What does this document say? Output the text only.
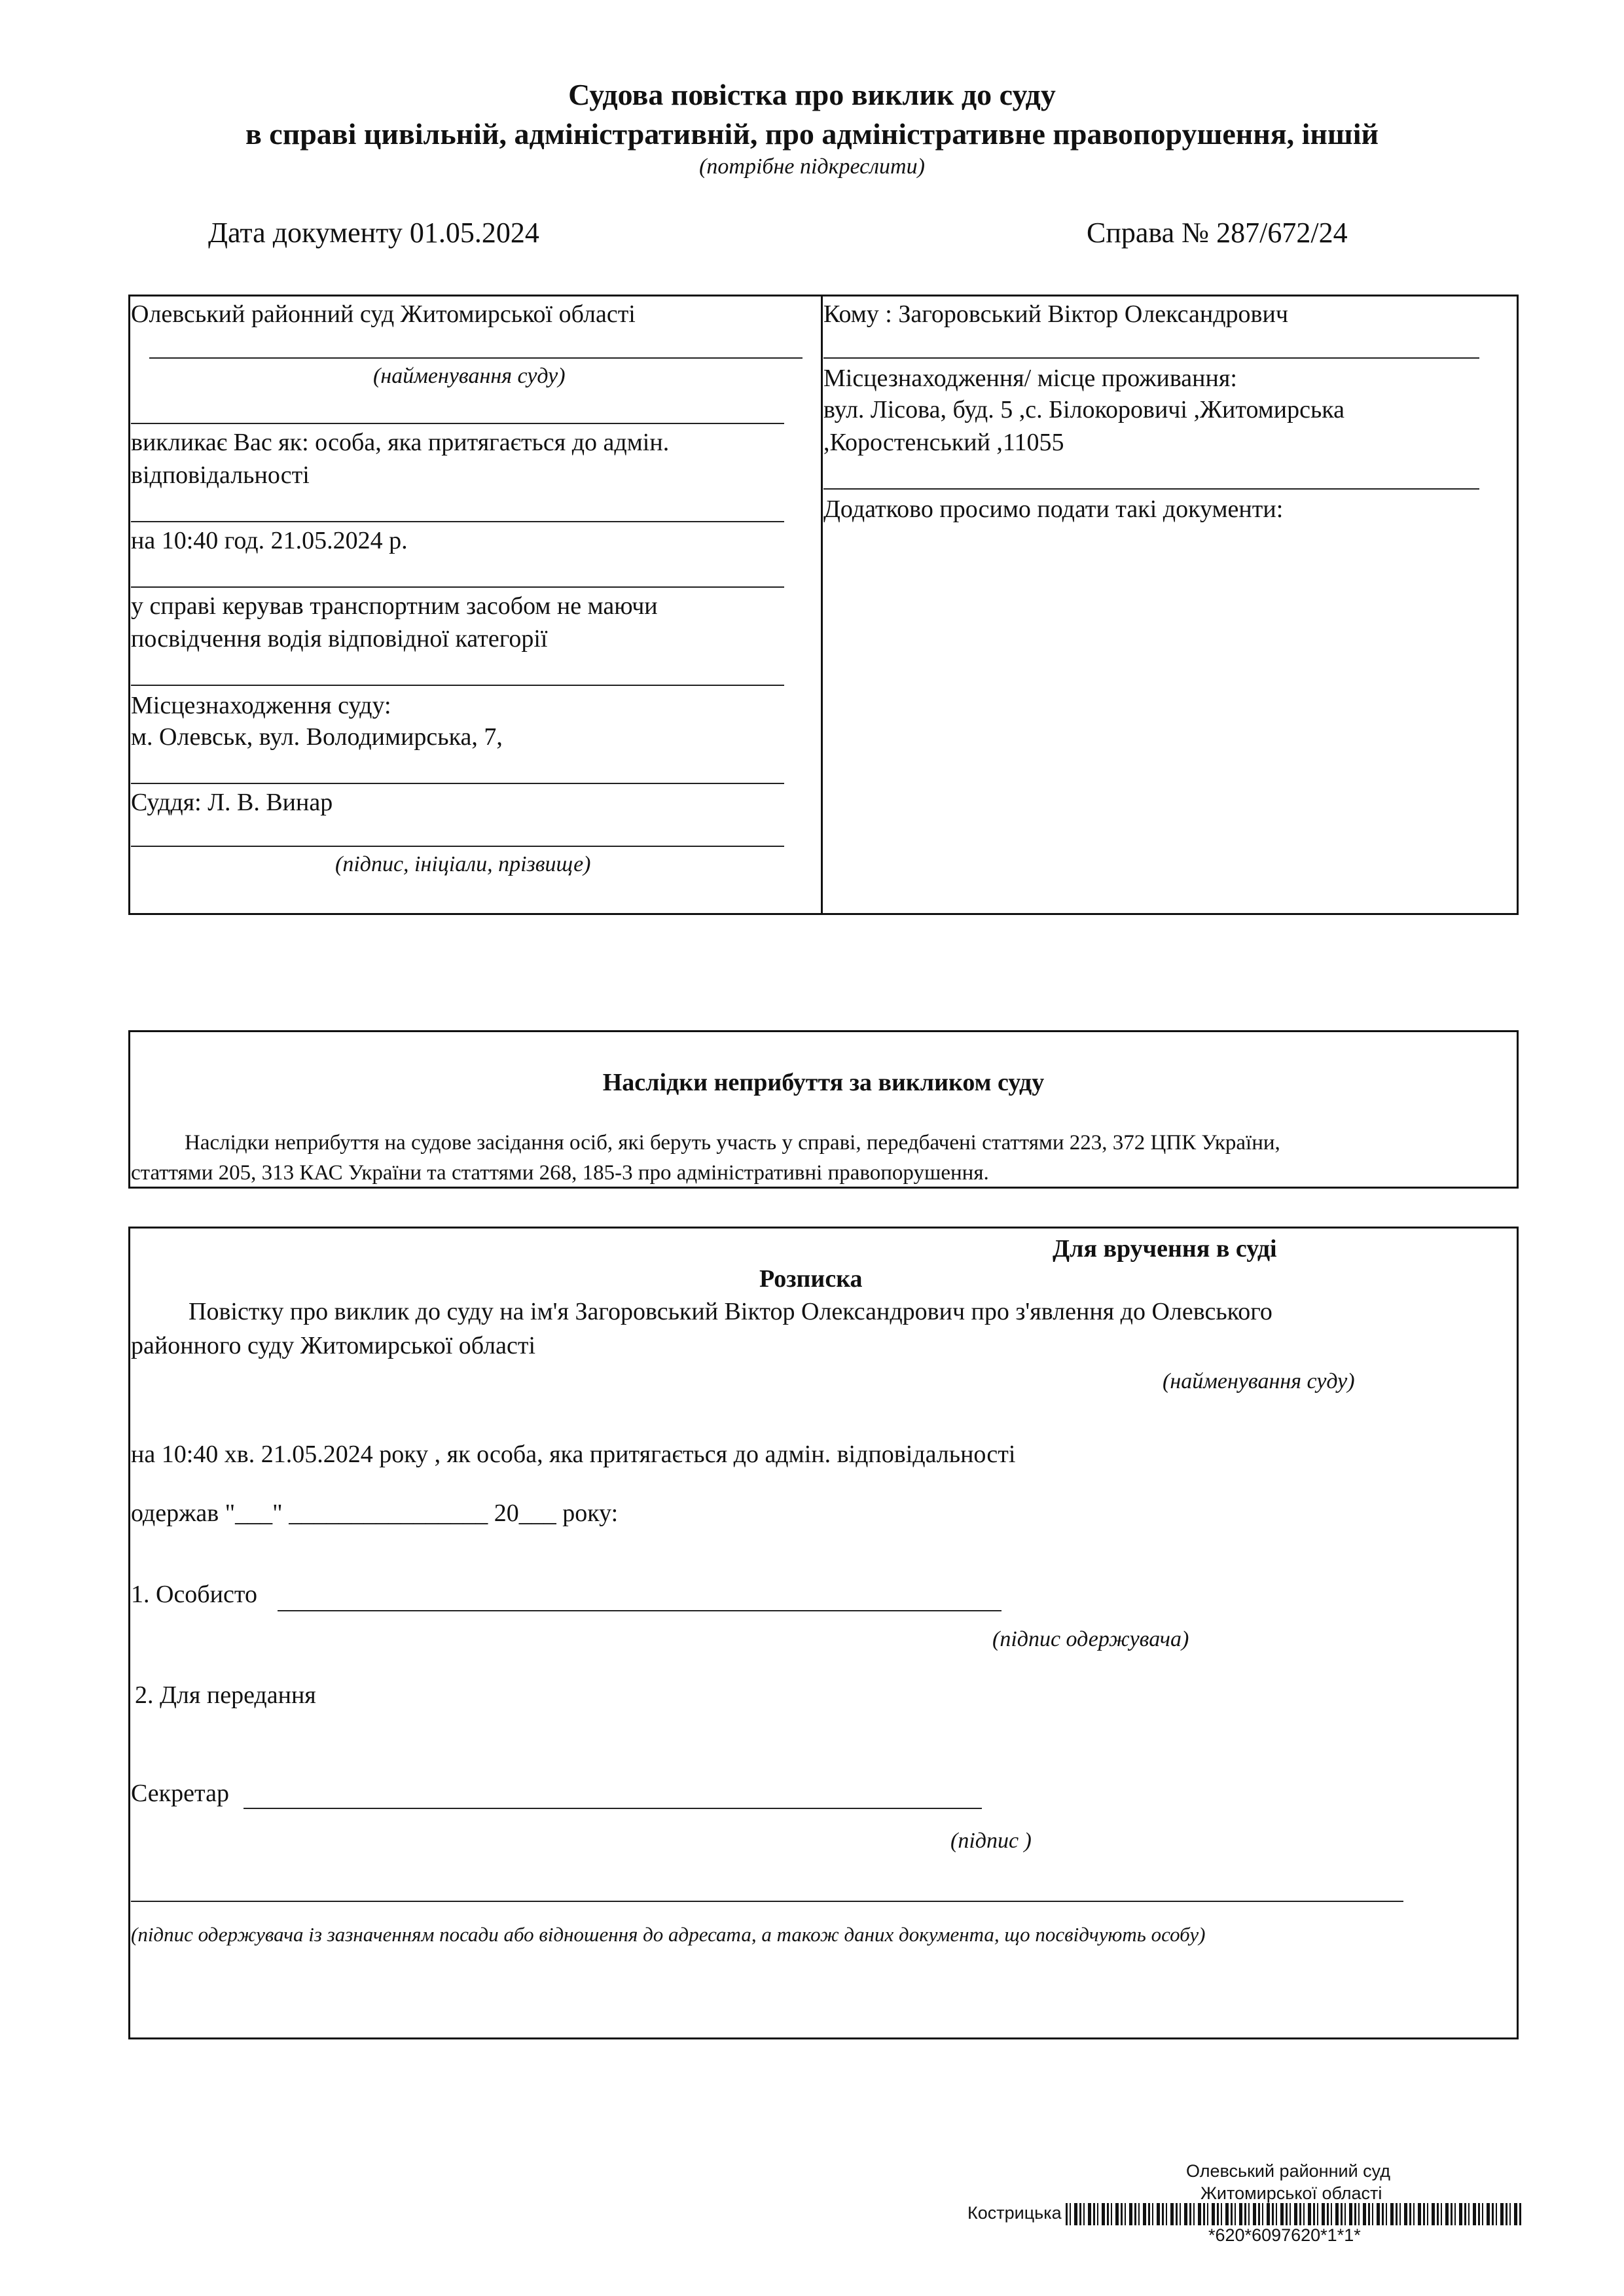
Судова повістка про виклик до суду
в справі цивільній, адміністративній, про адміністративне правопорушення, іншій
(потрібне підкреслити)
Дата документу 01.05.2024	Справа № 287/672/24
Олевський районний суд Житомирської області
(найменування суду)
викликає Вас як: особа, яка притягається до адмін.
відповідальності
на 10:40 год. 21.05.2024 р.
у справі керував транспортним засобом не маючи
посвідчення водія відповідної категорії
Місцезнаходження суду:
м. Олевськ, вул. Володимирська, 7,
Суддя: Л. В. Винар
(підпис, ініціали, прізвище)
Кому : Загоровський Віктор Олександрович
Місцезнаходження/ місце проживання:
вул. Лісова, буд. 5 ,с. Білокоровичі ,Житомирська
,Коростенський ,11055
Додатково просимо подати такі документи:
Наслідки неприбуття за викликом суду
Наслідки неприбуття на судове засідання осіб, які беруть участь у справі, передбачені статтями 223, 372 ЦПК України,
статтями 205, 313 КАС України та статтями 268, 185-3 про адміністративні правопорушення.
Для вручення в суді
Розписка
Повістку про виклик до суду на ім'я Загоровський Віктор Олександрович про з'явлення до Олевського
районного суду Житомирської області
(найменування суду)
на 10:40 хв. 21.05.2024 року , як особа, яка притягається до адмін. відповідальності
одержав "___" ________________ 20___ року:
1. Особисто
(підпис одержувача)
2. Для передання
Секретар
(підпис )
(підпис одержувача із зазначенням посади або відношення до адресата, а також даних документа, що посвідчують особу)
Олевський районний суд
Житомирської області
Кострицька
*620*6097620*1*1*
